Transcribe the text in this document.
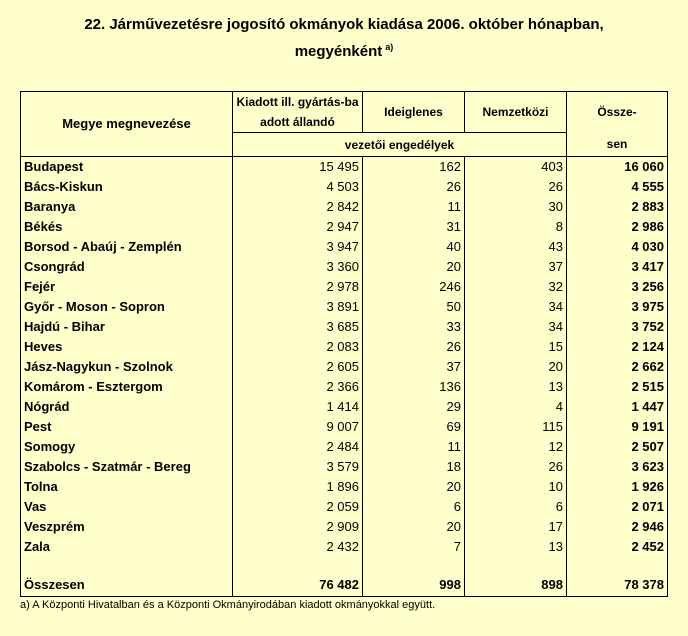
22. Járművezetésre jogosító okmányok kiadása 2006. október hónapban,
megyénként $^{a)}$
Megye megnevezése	Kiadott ill. gyártás-ba adott állandó	Ideiglenes	Nemzetközi	Össze-
	vezetői engedélyek			sen
Budapest	15 495	162	403	16 060
Bács-Kiskun	4 503	26	26	4 555
Baranya	2 842	11	30	2 883
Békés	2 947	31	8	2 986
Borsod - Abaúj - Zemplén	3 947	40	43	4 030
Csongrád	3 360	20	37	3 417
Fejér	2 978	246	32	3 256
Győr - Moson - Sopron	3 891	50	34	3 975
Hajdú - Bihar	3 685	33	34	3 752
Heves	2 083	26	15	2 124
Jász-Nagykun - Szolnok	2 605	37	20	2 662
Komárom - Esztergom	2 366	136	13	2 515
Nógrád	1 414	29	4	1 447
Pest	9 007	69	115	9 191
Somogy	2 484	11	12	2 507
Szabolcs - Szatmár - Bereg	3 579	18	26	3 623
Tolna	1 896	20	10	1 926
Vas	2 059	6	6	2 071
Veszprém	2 909	20	17	2 946
Zala	2 432	7	13	2 452

Összesen	76 482	998	898	78 378
a) A Központi Hivatalban és a Központi Okmányirodában kiadott okmányokkal együtt.
